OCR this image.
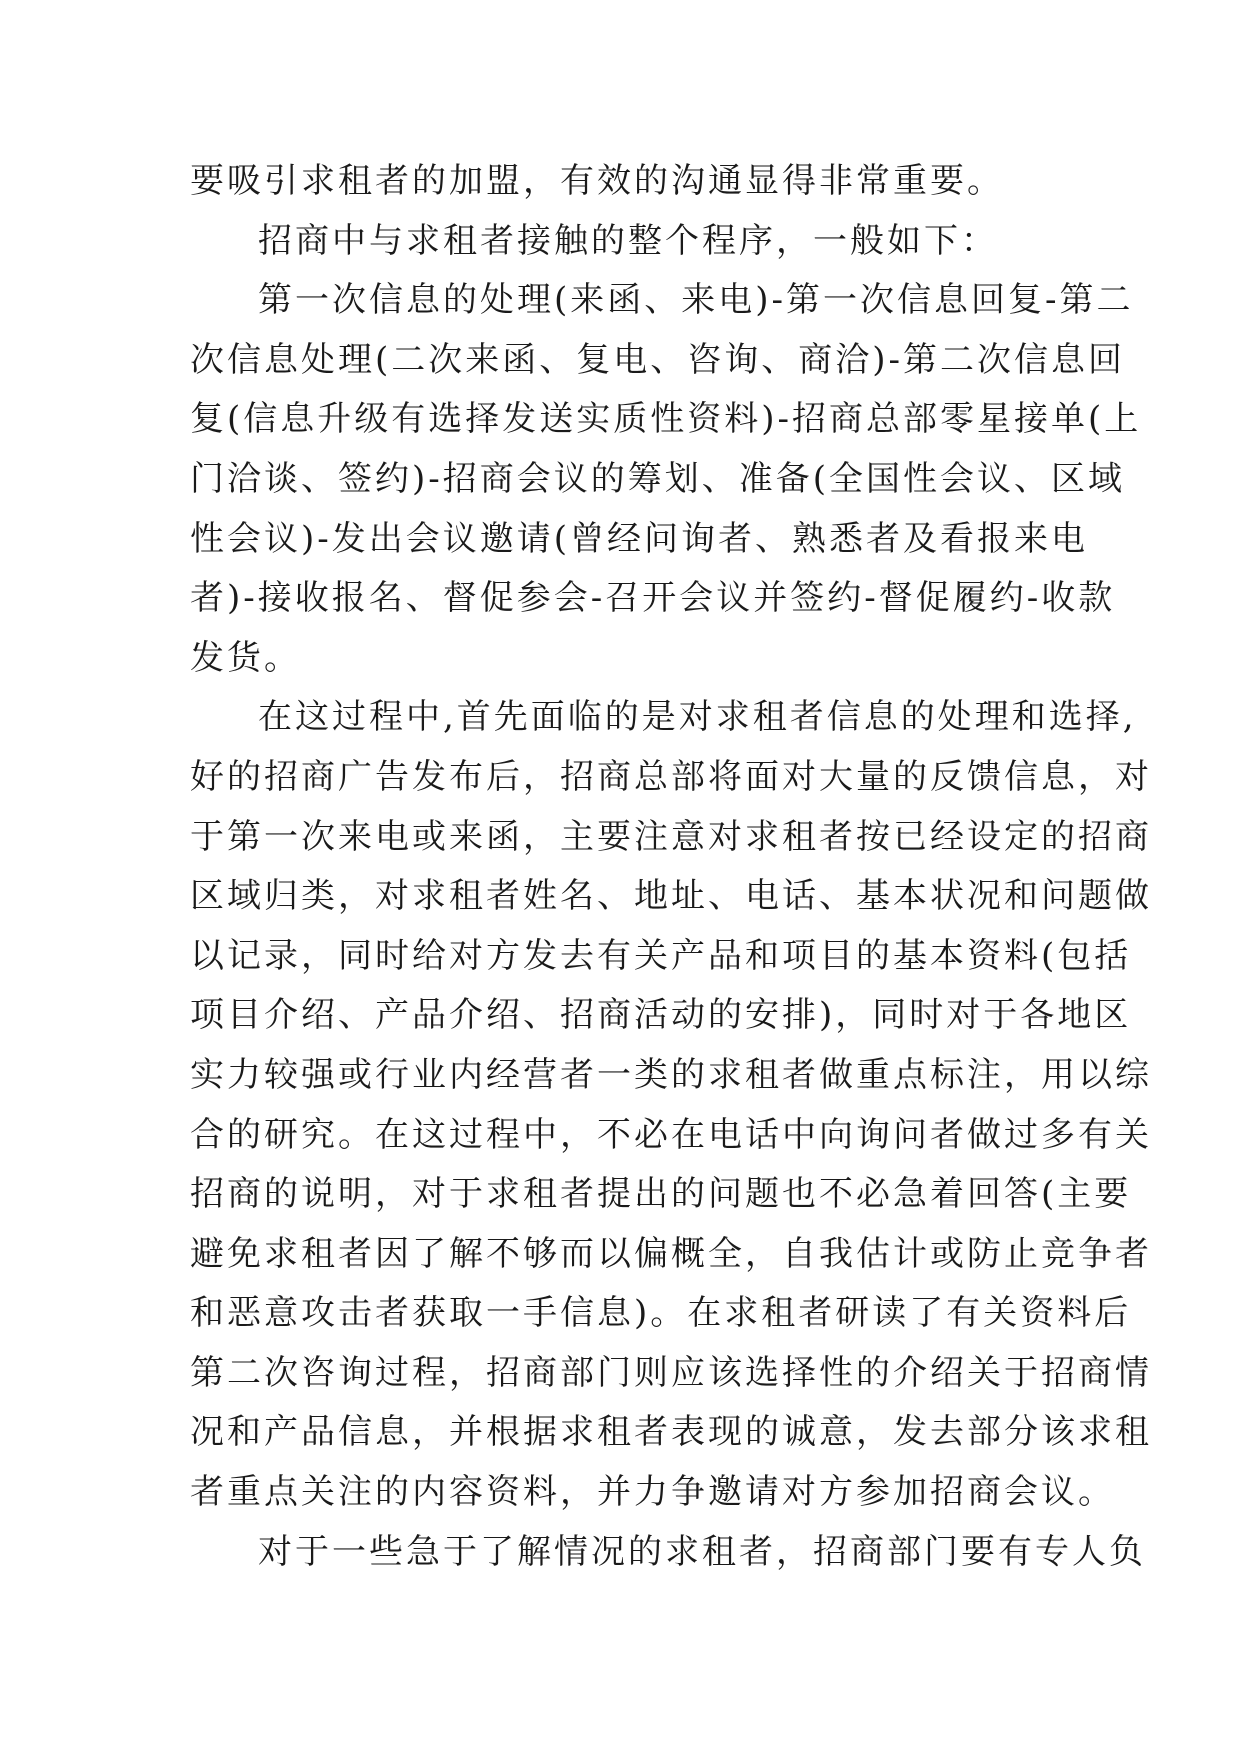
要吸引求租者的加盟，有效的沟通显得非常重要。
招商中与求租者接触的整个程序，一般如下：
第一次信息的处理(来函、来电)-第一次信息回复-第二
次信息处理(二次来函、复电、咨询、商洽)-第二次信息回
复(信息升级有选择发送实质性资料)-招商总部零星接单(上
门洽谈、签约)-招商会议的筹划、准备(全国性会议、区域
性会议)-发出会议邀请(曾经问询者、熟悉者及看报来电
者)-接收报名、督促参会-召开会议并签约-督促履约-收款
发货。
在这过程中,首先面临的是对求租者信息的处理和选择,
好的招商广告发布后，招商总部将面对大量的反馈信息，对
于第一次来电或来函，主要注意对求租者按已经设定的招商
区域归类，对求租者姓名、地址、电话、基本状况和问题做
以记录，同时给对方发去有关产品和项目的基本资料(包括
项目介绍、产品介绍、招商活动的安排)，同时对于各地区
实力较强或行业内经营者一类的求租者做重点标注，用以综
合的研究。在这过程中，不必在电话中向询问者做过多有关
招商的说明，对于求租者提出的问题也不必急着回答(主要
避免求租者因了解不够而以偏概全，自我估计或防止竞争者
和恶意攻击者获取一手信息)。在求租者研读了有关资料后
第二次咨询过程，招商部门则应该选择性的介绍关于招商情
况和产品信息，并根据求租者表现的诚意，发去部分该求租
者重点关注的内容资料，并力争邀请对方参加招商会议。
对于一些急于了解情况的求租者，招商部门要有专人负
